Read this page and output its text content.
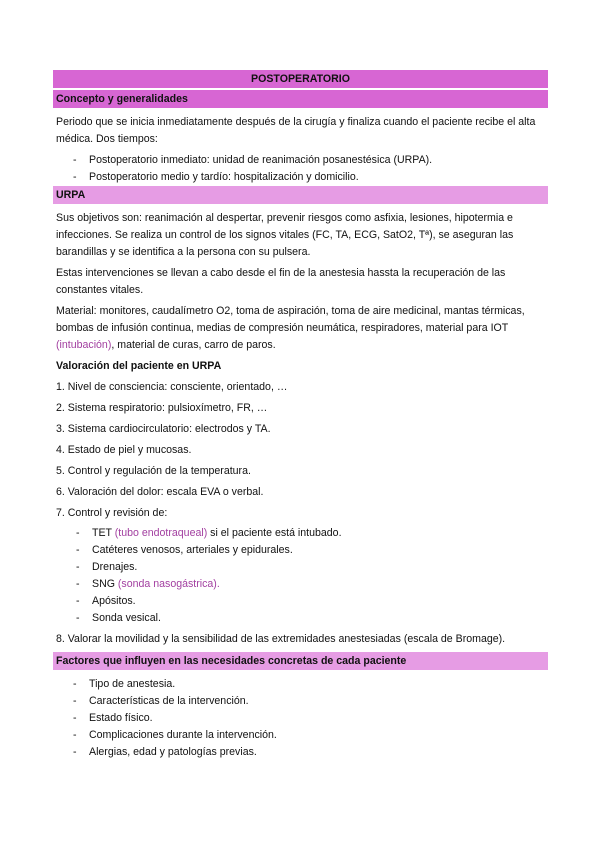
POSTOPERATORIO
Concepto y generalidades

Periodo que se inicia inmediatamente después de la cirugía y finaliza cuando el paciente recibe el alta médica. Dos tiempos:

- Postoperatorio inmediato: unidad de reanimación posanestésica (URPA).
- Postoperatorio medio y tardío: hospitalización y domicilio.
URPA

Sus objetivos son: reanimación al despertar, prevenir riesgos como asfixia, lesiones, hipotermia e infecciones. Se realiza un control de los signos vitales (FC, TA, ECG, SatO2, Tª), se aseguran las barandillas y se identifica a la persona con su pulsera.

Estas intervenciones se llevan a cabo desde el fin de la anestesia hassta la recuperación de las constantes vitales.

Material: monitores, caudalímetro O2, toma de aspiración, toma de aire medicinal, mantas térmicas, bombas de infusión continua, medias de compresión neumática, respiradores, material para IOT (intubación), material de curas, carro de paros.

Valoración del paciente en URPA
1. Nivel de consciencia: consciente, orientado, …
2. Sistema respiratorio: pulsioxímetro, FR, …
3. Sistema cardiocirculatorio: electrodos y TA.
4. Estado de piel y mucosas.
5. Control y regulación de la temperatura.
6. Valoración del dolor: escala EVA o verbal.
7. Control y revisión de:
- TET (tubo endotraqueal) si el paciente está intubado.
- Catéteres venosos, arteriales y epidurales.
- Drenajes.
- SNG (sonda nasogástrica).
- Apósitos.
- Sonda vesical.
8. Valorar la movilidad y la sensibilidad de las extremidades anestesiadas (escala de Bromage).
Factores que influyen en las necesidades concretas de cada paciente
- Tipo de anestesia.
- Características de la intervención.
- Estado físico.
- Complicaciones durante la intervención.
- Alergias, edad y patologías previas.
